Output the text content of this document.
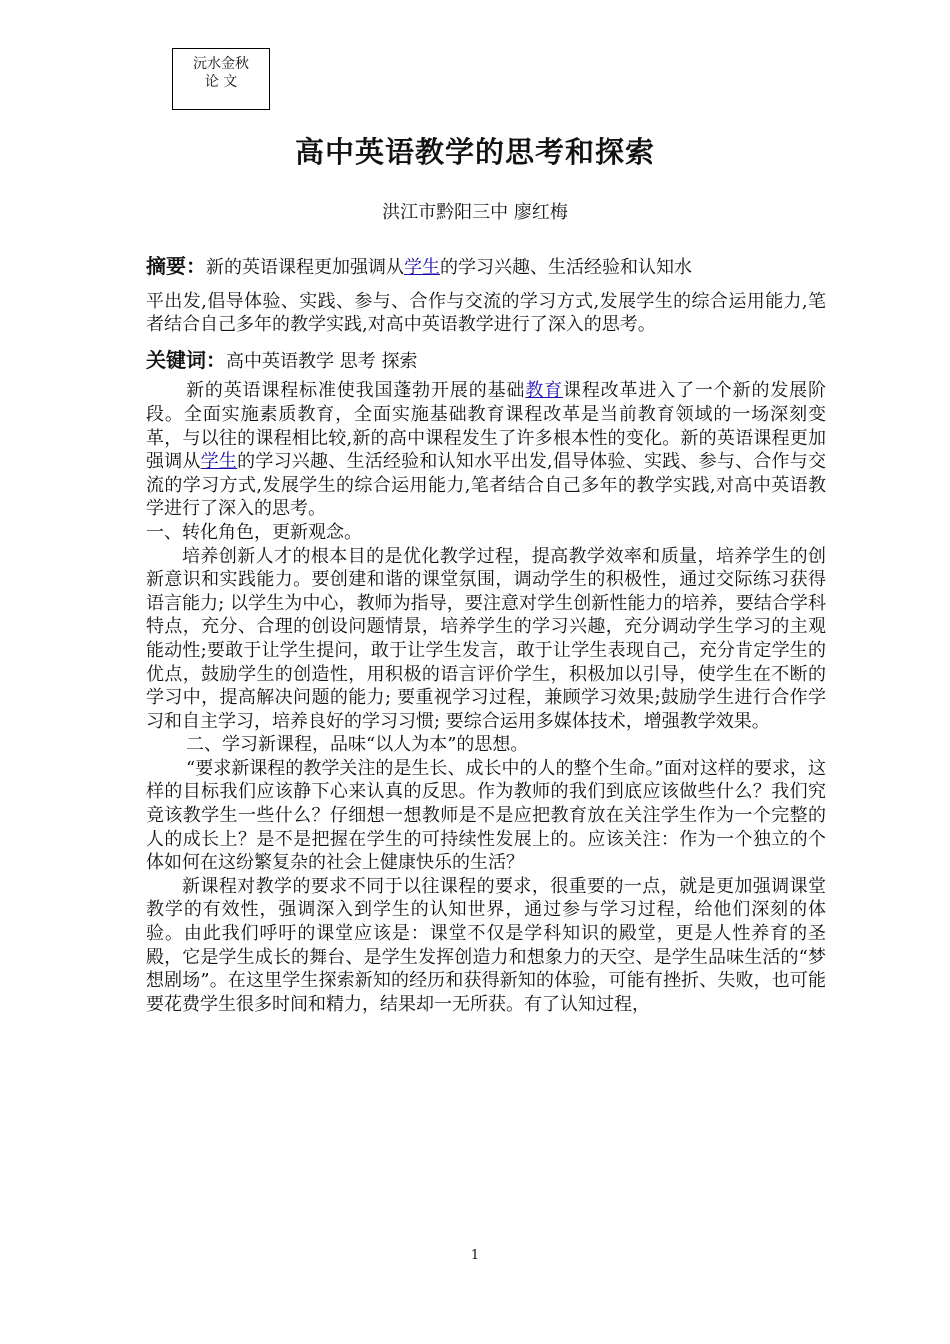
沅水金秋
论 文
高中英语教学的思考和探索
洪江市黔阳三中 廖红梅

摘要：新的英语课程更加强调从学生的学习兴趣、生活经验和认知水

平出发,倡导体验、实践、参与、合作与交流的学习方式,发展学生的综合运用能力,笔者结合自己多年的教学实践,对高中英语教学进行了深入的思考。

关键词：高中英语教学 思考 探索

新的英语课程标准使我国蓬勃开展的基础教育课程改革进入了一个新的发展阶段。全面实施素质教育，全面实施基础教育课程改革是当前教育领域的一场深刻变革，与以往的课程相比较,新的高中课程发生了许多根本性的变化。新的英语课程更加强调从学生的学习兴趣、生活经验和认知水平出发,倡导体验、实践、参与、合作与交流的学习方式,发展学生的综合运用能力,笔者结合自己多年的教学实践,对高中英语教学进行了深入的思考。

一、转化角色，更新观念。

培养创新人才的根本目的是优化教学过程，提高教学效率和质量，培养学生的创新意识和实践能力。要创建和谐的课堂氛围，调动学生的积极性，通过交际练习获得语言能力; 以学生为中心，教师为指导，要注意对学生创新性能力的培养，要结合学科特点，充分、合理的创设问题情景，培养学生的学习兴趣，充分调动学生学习的主观能动性;要敢于让学生提问，敢于让学生发言，敢于让学生表现自己，充分肯定学生的优点，鼓励学生的创造性，用积极的语言评价学生，积极加以引导，使学生在不断的学习中，提高解决问题的能力; 要重视学习过程，兼顾学习效果;鼓励学生进行合作学习和自主学习，培养良好的学习习惯; 要综合运用多媒体技术，增强教学效果。

二、学习新课程，品味“以人为本”的思想。

“要求新课程的教学关注的是生长、成长中的人的整个生命。”面对这样的要求，这样的目标我们应该静下心来认真的反思。作为教师的我们到底应该做些什么？我们究竟该教学生一些什么？仔细想一想教师是不是应把教育放在关注学生作为一个完整的人的成长上？是不是把握在学生的可持续性发展上的。应该关注：作为一个独立的个体如何在这纷繁复杂的社会上健康快乐的生活？

新课程对教学的要求不同于以往课程的要求，很重要的一点，就是更加强调课堂教学的有效性，强调深入到学生的认知世界，通过参与学习过程，给他们深刻的体验。由此我们呼吁的课堂应该是：课堂不仅是学科知识的殿堂，更是人性养育的圣殿，它是学生成长的舞台、是学生发挥创造力和想象力的天空、是学生品味生活的“梦想剧场”。在这里学生探索新知的经历和获得新知的体验，可能有挫折、失败，也可能要花费学生很多时间和精力，结果却一无所获。有了认知过程，

1
